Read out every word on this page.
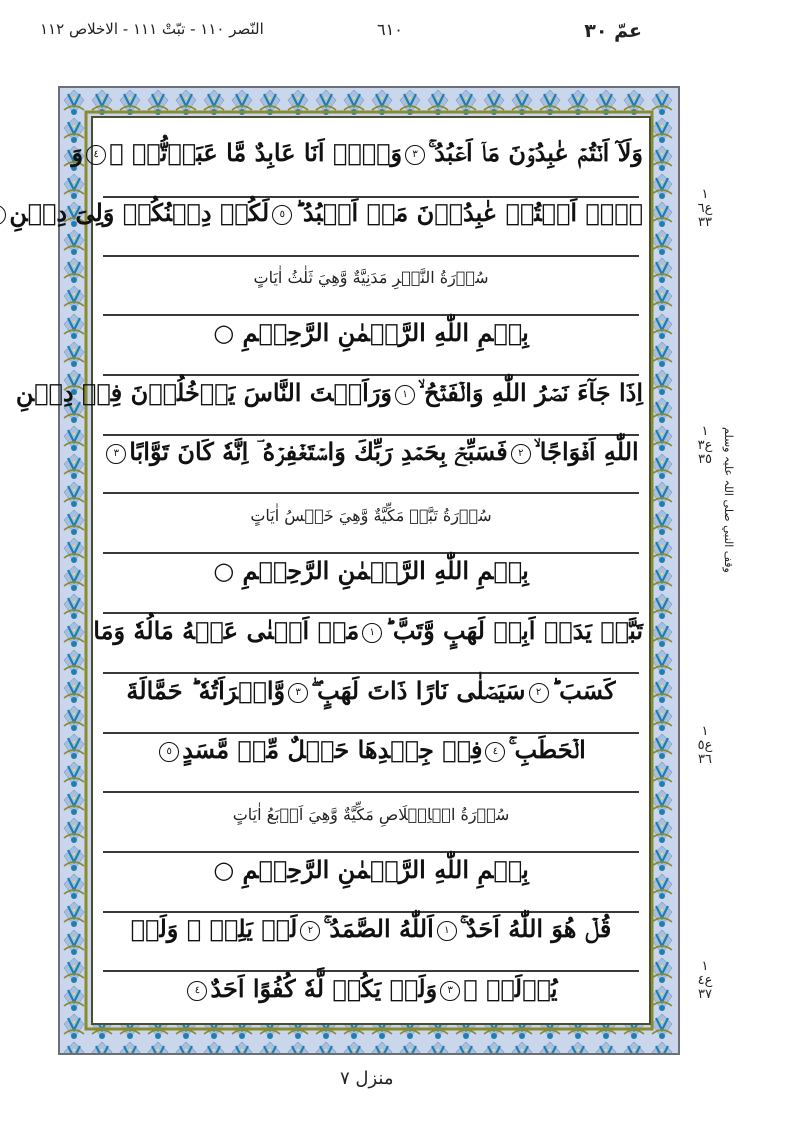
عمّ ٣٠
٦١٠
النّصر ١١٠ - تبّتْ ١١١ - الاخلاص ١١٢
وَلَآ اَنۡتُمۡ عٰبِدُوۡنَ مَاۤ اَعۡبُدُ ۚ٣وَلَاۤ اَنَا عَابِدٌ مَّا عَبَدۡتُّمۡ ۙ٤وَ
لَاۤ اَنۡتُمۡ عٰبِدُوۡنَ مَاۤ اَعۡبُدُ ؕ٥لَكُمۡ دِيۡنُكُمۡ وَلِىَ دِيۡنِ
سُوۡرَةُ النَّصۡرِ مَدَنِيَّةٌ وَّهِيَ ثَلٰثُ اٰيَاتٍ
بِسۡمِ اللّٰهِ الرَّحۡمٰنِ الرَّحِيۡمِ ○
اِذَا جَآءَ نَصۡرُ اللّٰهِ وَالۡفَتۡحُ ۙ١وَرَاَيۡتَ النَّاسَ يَدۡخُلُوۡنَ فِىۡ دِيۡنِ
اللّٰهِ اَفۡوَاجًا ۙ٢فَسَبِّحۡ بِحَمۡدِ رَبِّكَ وَاسۡتَغۡفِرۡهُ ؔ اِنَّهٗ كَانَ تَوَّابًا٣
سُوۡرَةُ تَبَّتۡ مَكِّيَّةٌ وَّهِيَ خَمۡسُ اٰيَاتٍ
بِسۡمِ اللّٰهِ الرَّحۡمٰنِ الرَّحِيۡمِ ○
تَبَّتۡ يَدَاۤ اَبِىۡ لَهَبٍ وَّتَبَّ ؕ١مَاۤ اَغۡنٰى عَنۡهُ مَالُهٗ وَمَا
كَسَبَ ؕ٢سَيَصۡلٰى نَارًا ذَاتَ لَهَبٍ ۖ٣وَّامۡرَاَتُهٗ ؕ حَمَّالَةَ
الۡحَطَبِ ۚ٤فِىۡ جِيۡدِهَا حَبۡلٌ مِّنۡ مَّسَدٍ٥
سُوۡرَةُ الۡاِخۡلَاصِ مَكِّيَّةٌ وَّهِيَ اَرۡبَعُ اٰيَاتٍ
بِسۡمِ اللّٰهِ الرَّحۡمٰنِ الرَّحِيۡمِ ○
قُلۡ هُوَ اللّٰهُ اَحَدٌ ۚ١اَللّٰهُ الصَّمَدُ ۚ٢لَمۡ يَلِدۡ ۙ وَلَمۡ
يُوۡلَدۡ ۙ٣وَلَمۡ يَكُنۡ لَّهٗ كُفُوًا اَحَدٌ٤
١
ع٦
٣٣
١
ع٣
٣٥ وقف النبي صلى اللہ علیہ وسلم
١
ع٥
٣٦
١
ع٤
٣٧
منزل ٧
